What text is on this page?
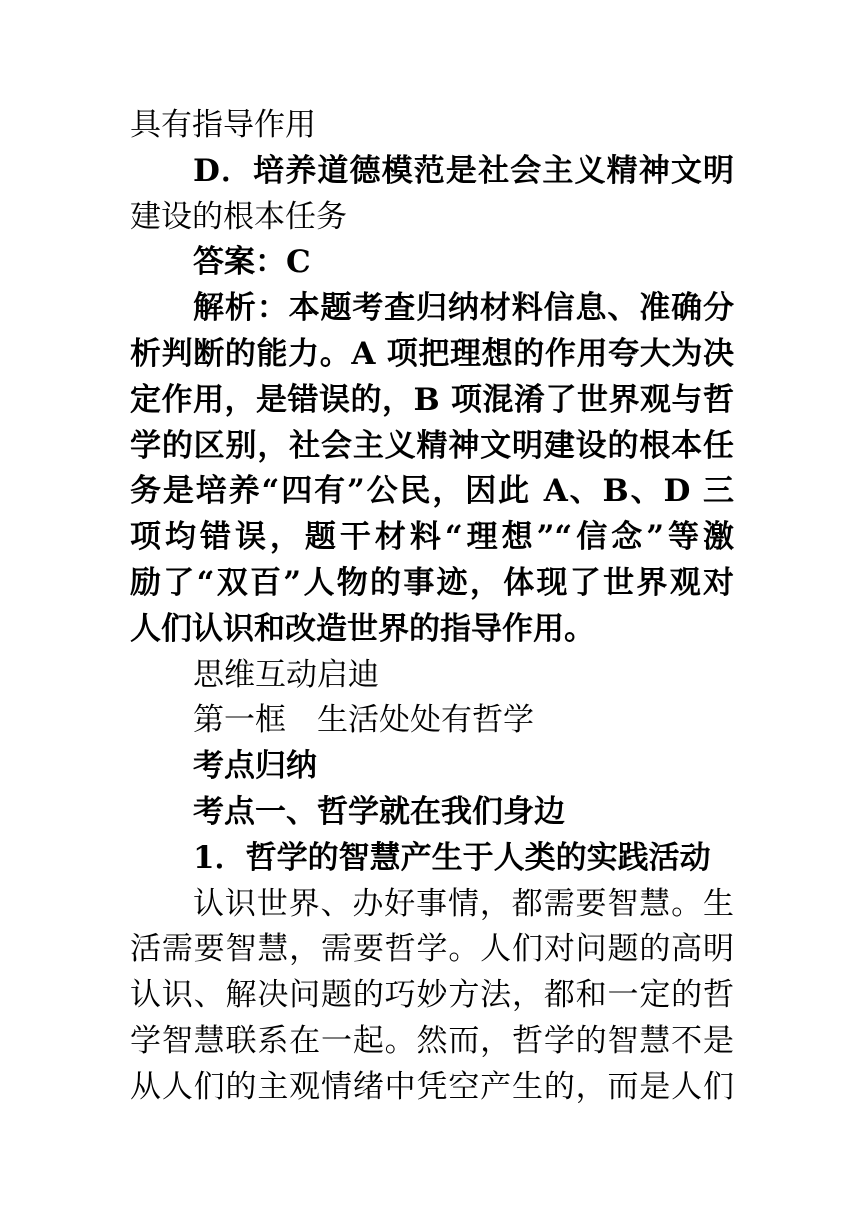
具有指导作用
D．培养道德模范是社会主义精神文明
建设的根本任务
答案：C
解析：本题考查归纳材料信息、准确分
析判断的能力。A 项把理想的作用夸大为决
定作用，是错误的，B 项混淆了世界观与哲
学的区别，社会主义精神文明建设的根本任
务是培养“四有”公民，因此 A、B、D 三
项均错误，题干材料“理想”“信念”等激
励了“双百”人物的事迹，体现了世界观对
人们认识和改造世界的指导作用。
思维互动启迪
第一框　生活处处有哲学
考点归纳
考点一、哲学就在我们身边
1．哲学的智慧产生于人类的实践活动
认识世界、办好事情，都需要智慧。生
活需要智慧，需要哲学。人们对问题的高明
认识、解决问题的巧妙方法，都和一定的哲
学智慧联系在一起。然而，哲学的智慧不是
从人们的主观情绪中凭空产生的，而是人们
